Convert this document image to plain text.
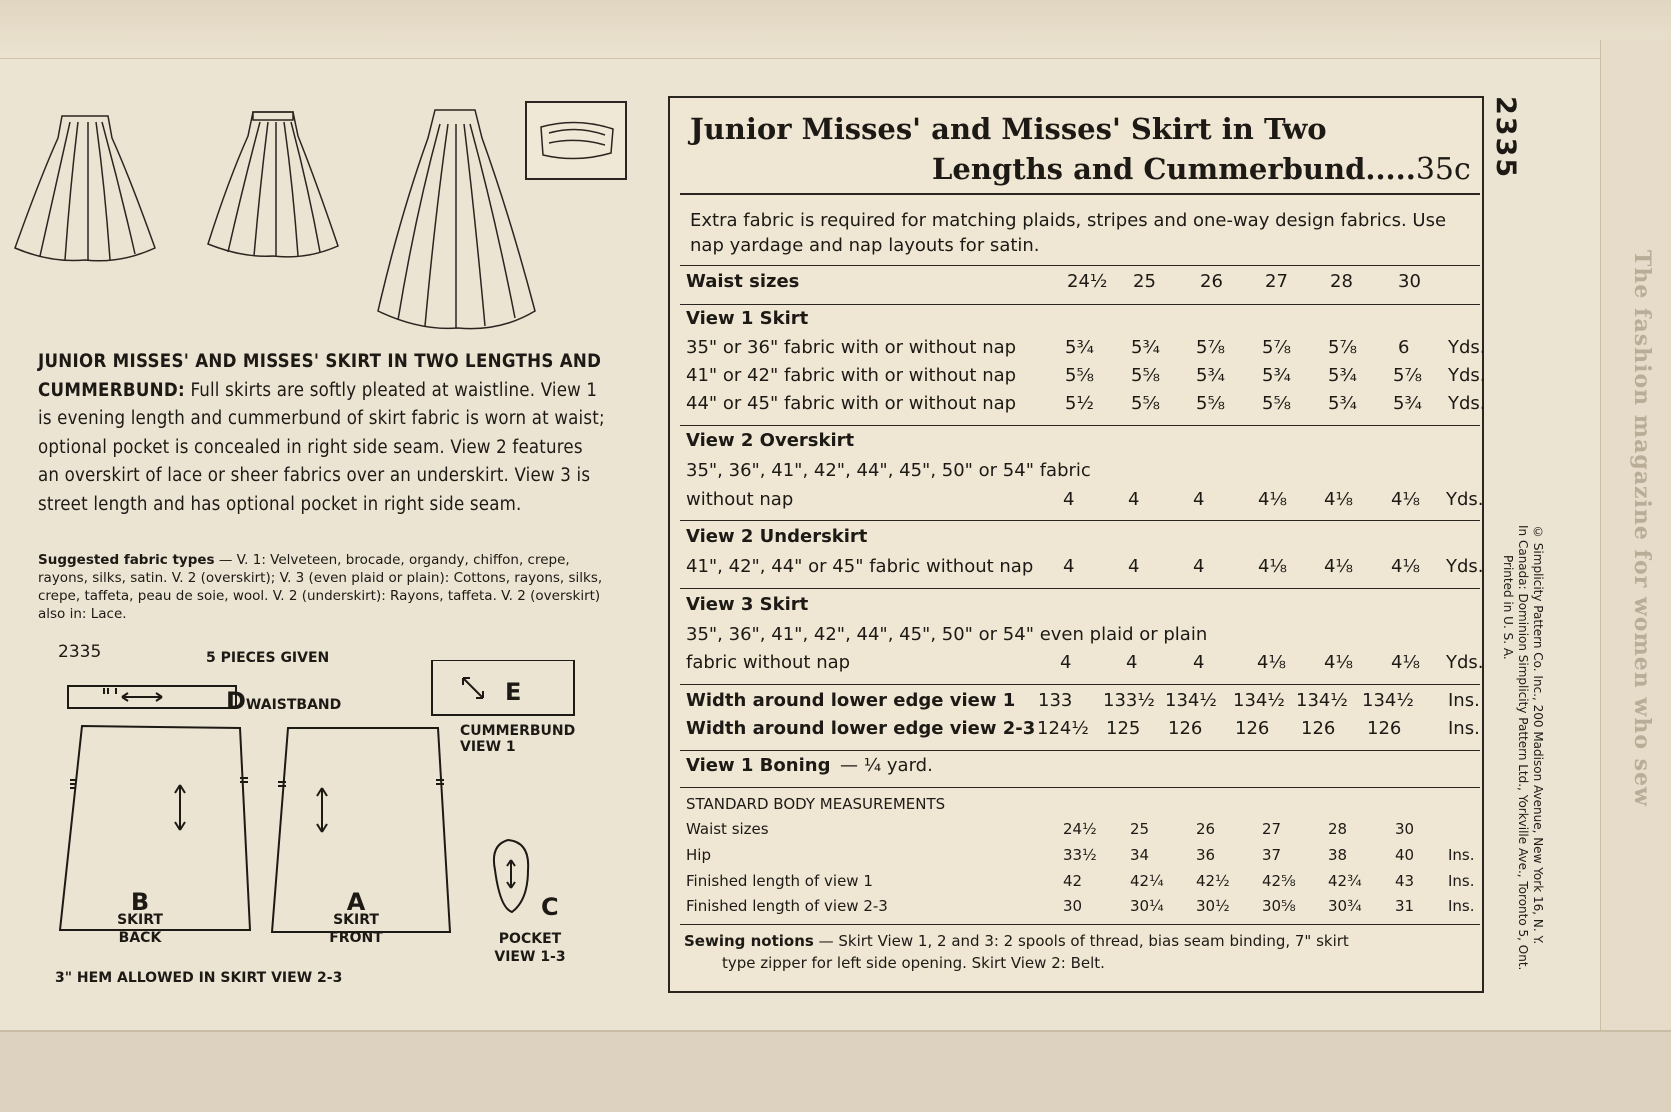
The fashion magazine for women who sew
JUNIOR MISSES' AND MISSES' SKIRT IN TWO LENGTHS AND CUMMERBUND: Full skirts are softly pleated at waistline. View 1 is evening length and cummerbund of skirt fabric is worn at waist; optional pocket is concealed in right side seam. View 2 features an overskirt of lace or sheer fabrics over an underskirt. View 3 is street length and has optional pocket in right side seam.
Suggested fabric types — V. 1: Velveteen, brocade, organdy, chiffon, crepe, rayons, silks, satin. V. 2 (overskirt); V. 3 (even plaid or plain): Cottons, rayons, silks, crepe, taffeta, peau de soie, wool. V. 2 (underskirt): Rayons, taffeta. V. 2 (overskirt) also in: Lace.
2335	5 PIECES GIVEN
DWAISTBAND	E
CUMMERBUND
VIEW 1
B
SKIRT
BACK
A
SKIRT
FRONT
C
POCKET
VIEW 1-3
3" HEM ALLOWED IN SKIRT VIEW 2-3
2335
Junior Misses' and Misses' Skirt in Two
Lengths and Cummerbund.....35c
Extra fabric is required for matching plaids, stripes and one-way design fabrics. Use nap yardage and nap layouts for satin.
Waist sizes	24½ 25 26 27 28	30
View 1 Skirt
35" or 36" fabric with or without nap	5¾ 5¾ 5⅞ 5⅞ 5⅞ 6 Yds.
41" or 42" fabric with or without nap	5⅝ 5⅝ 5¾ 5¾ 5¾ 5⅞ Yds.
44" or 45" fabric with or without nap	5½ 5⅝ 5⅝ 5⅝ 5¾ 5¾ Yds.
View 2 Overskirt
35", 36", 41", 42", 44", 45", 50" or 54" fabric
without nap	4	4	4	4⅛ 4⅛ 4⅛ Yds.
View 2 Underskirt
41", 42", 44" or 45" fabric without nap 4	4	4	4⅛ 4⅛ 4⅛ Yds.
View 3 Skirt
35", 36", 41", 42", 44", 45", 50" or 54" even plaid or plain
fabric without nap	4	4	4	4⅛ 4⅛ 4⅛ Yds.
Width around lower edge view 1 133 133½ 134½ 134½ 134½ 134½ Ins.
Width around lower edge view 2-3 124½ 125 126 126 126 126	Ins.
View 1 Boning — ¼ yard.
STANDARD BODY MEASUREMENTS
Waist sizes	24½ 25	26	27	28	30
Hip	33½ 34	36	37	38	40 Ins.
Finished length of view 1	42	42¼ 42½ 42⅝ 42¾ 43 Ins.
Finished length of view 2-3	30	30¼ 30½ 30⅝ 30¾ 31 Ins.
Sewing notions — Skirt View 1, 2 and 3: 2 spools of thread, bias seam binding, 7" skirt
type zipper for left side opening. Skirt View 2: Belt.
© Simplicity Pattern Co. Inc., 200 Madison Avenue, New York 16, N. Y.
In Canada: Dominion Simplicity Pattern Ltd., Yorkville Ave., Toronto 5, Ont.
Printed in U. S. A.
